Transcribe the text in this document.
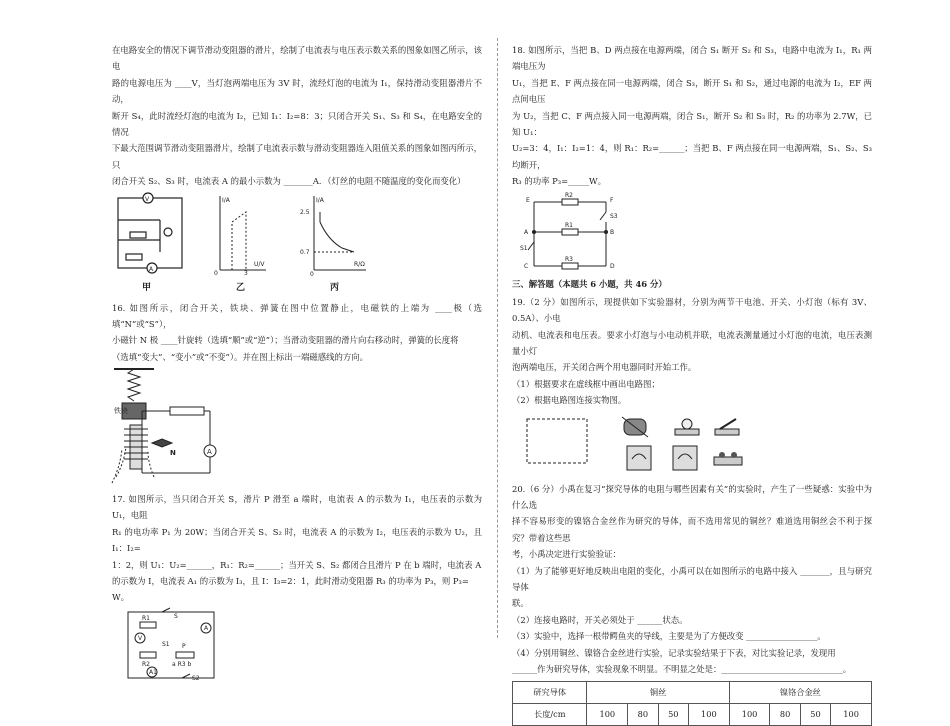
在电路安全的情况下调节滑动变阻器的滑片，绘制了电流表与电压表示数关系的图象如图乙所示，该电

路的电源电压为 ____V，当灯泡两端电压为 3V 时，流经灯泡的电流为 I₁，保持滑动变阻器滑片不动，

断开 S₄，此时流经灯泡的电流为 I₂，已知 I₁：I₂=8：3；只闭合开关 S₁、S₃ 和 S₄，在电路安全的情况

下最大范围调节滑动变阻器滑片，绘制了电流表示数与滑动变阻器连入阻值关系的图象如图丙所示，只

闭合开关 S₂、S₃ 时，电流表 A 的最小示数为 _______A．（灯丝的电阻不随温度的变化而变化）

V
A
I/A
0	3
U/V
I/A
2.5
0.7
0
R/Ω
甲	乙	丙

16. 如图所示，闭合开关，铁块、弹簧在图中位置静止，电磁铁的上端为 ____极（选填“N”或“S”），

小磁针 N 极 ____针旋转（选填“顺”或“逆”）；当滑动变阻器的滑片向右移动时，弹簧的长度将

（选填“变大”、“变小”或“不变”）。并在图上标出一端磁感线的方向。

铁块
N	A

17. 如图所示，当只闭合开关 S，滑片 P 滑至 a 端时，电流表 A 的示数为 I₁，电压表的示数为 U₁，电阻

R₁ 的电功率 P₁ 为 20W；当闭合开关 S、S₂ 时，电流表 A 的示数为 I₂，电压表的示数为 U₂，且 I₁：I₂=

1：2，则 U₁：U₂=______，R₁：R₂=______；当开关 S、S₂ 都闭合且滑片 P 在 b 端时，电流表 A

的示数为 I，电流表 A₁ 的示数为 I₃，且 I：I₃=2：1，此时滑动变阻器 R₃ 的功率为 P₃，则 P₃=

W。

R1
V
S
A
S1 P
R2	a R3 b
A1
S2

18. 如图所示，当把 B、D 两点接在电源两端，闭合 S₁ 断开 S₂ 和 S₃，电路中电流为 I₁，R₁ 两端电压为

U₁，当把 E、F 两点接在同一电源两端，闭合 S₃，断开 S₁ 和 S₂，通过电源的电流为 I₂，EF 两点间电压

为 U₂，当把 C、F 两点接入同一电源两端，闭合 S₁，断开 S₂ 和 S₃ 时，R₂ 的功率为 2.7W，已知 U₁：

U₂=3：4，I₁：I₂=1：4，则 R₁：R₂=______；当把 B、F 两点接在同一电源两端，S₁、S₂、S₃ 均断开，

R₃ 的功率 P₃=_____W。

E	F
R2
S3
A	B
R1
S1
C	D
R3
三、解答题（本题共 6 小题，共 46 分）

19.（2 分）如图所示，现提供如下实验器材，分别为两节干电池、开关、小灯泡（标有 3V、0.5A）、小电

动机、电流表和电压表。要求小灯泡与小电动机并联，电流表测量通过小灯泡的电流，电压表测量小灯

泡两端电压，开关闭合两个用电器同时开始工作。

（1）根据要求在虚线框中画出电路图；

（2）根据电路图连接实物图。

20.（6 分）小禹在复习“探究导体的电阻与哪些因素有关”的实验时，产生了一些疑惑：实验中为什么选

择不容易形变的镍铬合金丝作为研究的导体，而不选用常见的铜丝？难道选用铜丝会不利于探究？带着这些思

考，小禹决定进行实验验证：

（1）为了能够更好地反映出电阻的变化，小禹可以在如图所示的电路中接入 _______，且与研究导体

联。

（2）连接电路时，开关必须处于 ______状态。

（3）实验中，选择一根带鳄鱼夹的导线，主要是为了方便改变 _________________。

（4）分别用铜丝、镍铬合金丝进行实验，记录实验结果于下表，对比实验记录，发现用

______作为研究导体，实验现象不明显。不明显之处是：_____________________________。

研究导体	铜丝				镍铬合金丝			
长度/cm	100	80	50	100	100	80	50	100
